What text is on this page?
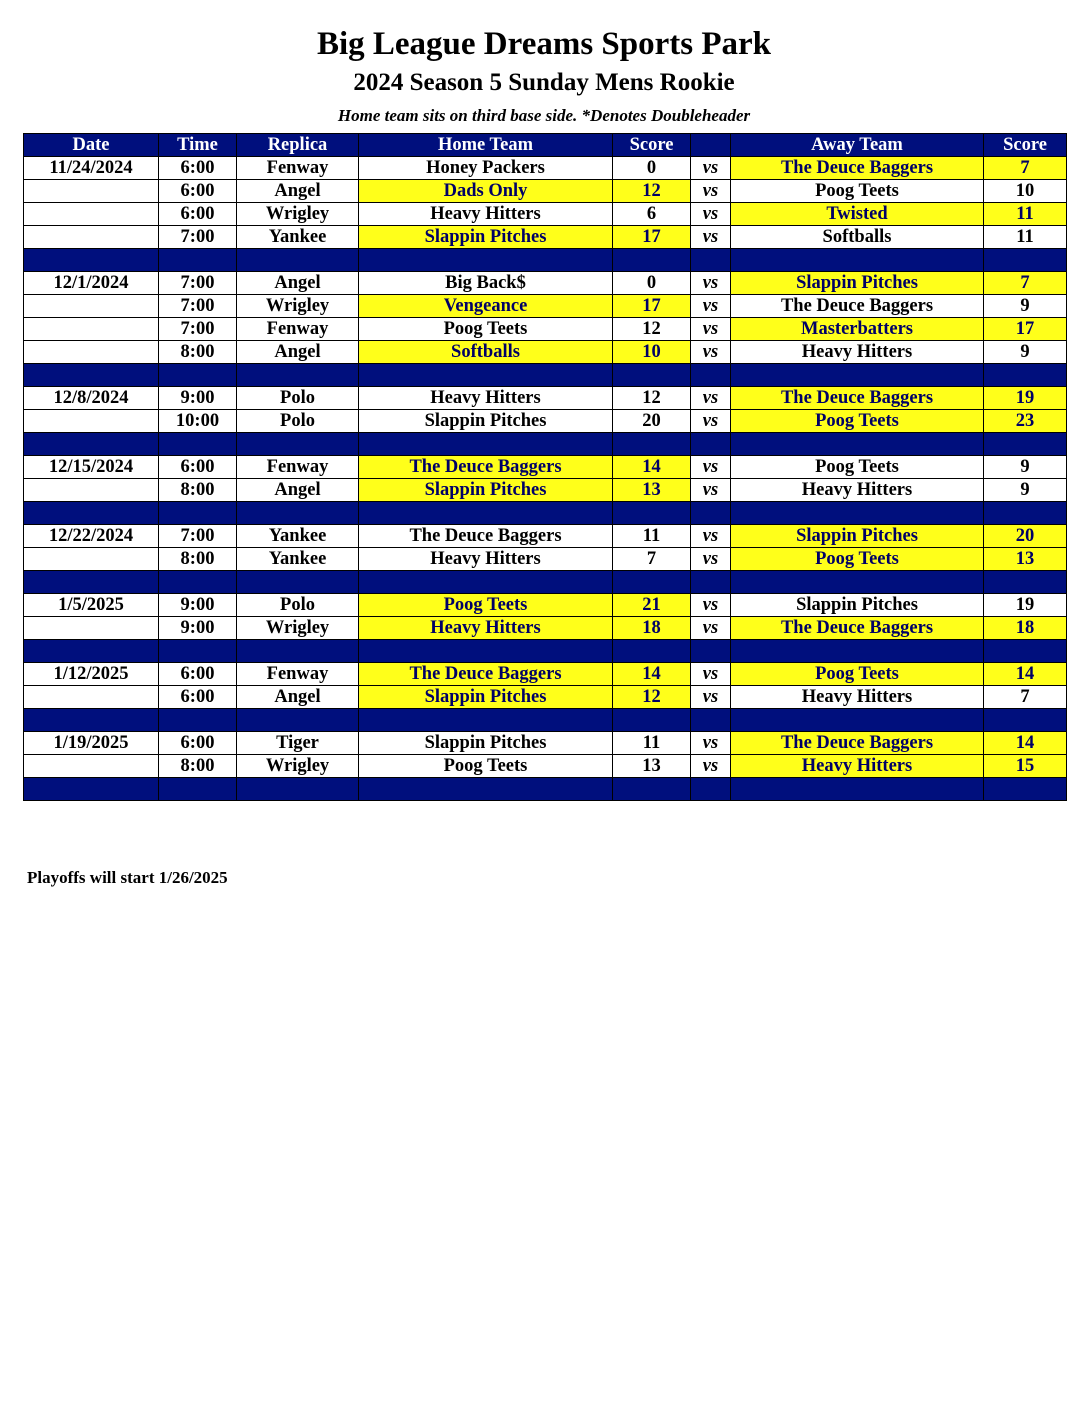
Big League Dreams Sports Park
2024 Season 5 Sunday Mens Rookie
Home team sits on third base side. *Denotes Doubleheader
Date	Time	Replica	Home Team	Score		Away Team	Score
11/24/2024	6:00	Fenway	Honey Packers	0	vs	The Deuce Baggers	7
	6:00	Angel	Dads Only	12	vs	Poog Teets	10
	6:00	Wrigley	Heavy Hitters	6	vs	Twisted	11
	7:00	Yankee	Slappin Pitches	17	vs	Softballs	11

12/1/2024	7:00	Angel	Big Back$	0	vs	Slappin Pitches	7
	7:00	Wrigley	Vengeance	17	vs	The Deuce Baggers	9
	7:00	Fenway	Poog Teets	12	vs	Masterbatters	17
	8:00	Angel	Softballs	10	vs	Heavy Hitters	9

12/8/2024	9:00	Polo	Heavy Hitters	12	vs	The Deuce Baggers	19
	10:00	Polo	Slappin Pitches	20	vs	Poog Teets	23

12/15/2024	6:00	Fenway	The Deuce Baggers	14	vs	Poog Teets	9
	8:00	Angel	Slappin Pitches	13	vs	Heavy Hitters	9

12/22/2024	7:00	Yankee	The Deuce Baggers	11	vs	Slappin Pitches	20
	8:00	Yankee	Heavy Hitters	7	vs	Poog Teets	13

1/5/2025	9:00	Polo	Poog Teets	21	vs	Slappin Pitches	19
	9:00	Wrigley	Heavy Hitters	18	vs	The Deuce Baggers	18

1/12/2025	6:00	Fenway	The Deuce Baggers	14	vs	Poog Teets	14
	6:00	Angel	Slappin Pitches	12	vs	Heavy Hitters	7

1/19/2025	6:00	Tiger	Slappin Pitches	11	vs	The Deuce Baggers	14
	8:00	Wrigley	Poog Teets	13	vs	Heavy Hitters	15

Playoffs will start 1/26/2025
